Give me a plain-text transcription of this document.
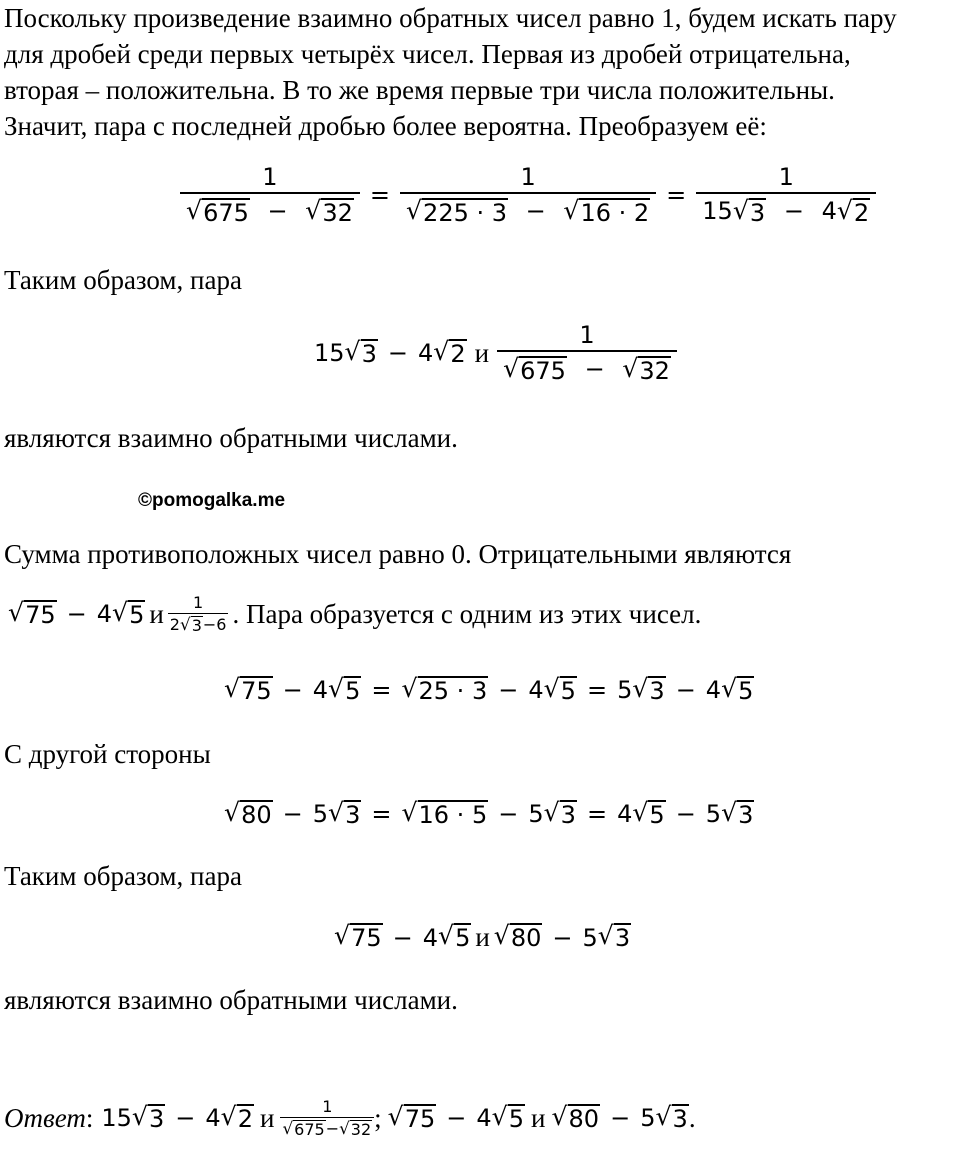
Поскольку произведение взаимно обратных чисел равно 1, будем искать пару

для дробей среди первых четырёх чисел. Первая из дробей отрицательна,

вторая – положительна. В то же время первые три числа положительны.

Значит, пара с последней дробью более вероятна. Преобразуем её:

$\frac{1}{√ 675 - √ 32} = \frac{1}{√ 225 \cdot 3 - √ 16 \cdot 2} = \frac{1}{15 √ 3 - 4 √ 2}$

Таким образом, пара

15 √ 3 − 4 √ 2 и $\frac{1}{√ 675 - √ 32}$

являются взаимно обратными числами.

©pomogalka.me

Сумма противоположных чисел равно 0. Отрицательными являются

√ 75 − 4 √ 5 и $\frac{1}{2 √ 3 -6}$ . Пара образуется с одним из этих чисел.
√ 75 − 4 √ 5 = √ 25 · 3 − 4 √ 5 = 5 √ 3 − 4 √ 5

С другой стороны

√ 80 − 5 √ 3 = √ 16 · 5 − 5 √ 3 = 4 √ 5 − 5 √ 3

Таким образом, пара

√ 75 − 4 √ 5 и √ 80 − 5 √ 3

являются взаимно обратными числами.

Ответ : 15 √ 3 − 4 √ 2 и $\frac{1}{√ 675 - √ 32}$ ; √ 75 − 4 √ 5 и √ 80 − 5 √ 3 .
